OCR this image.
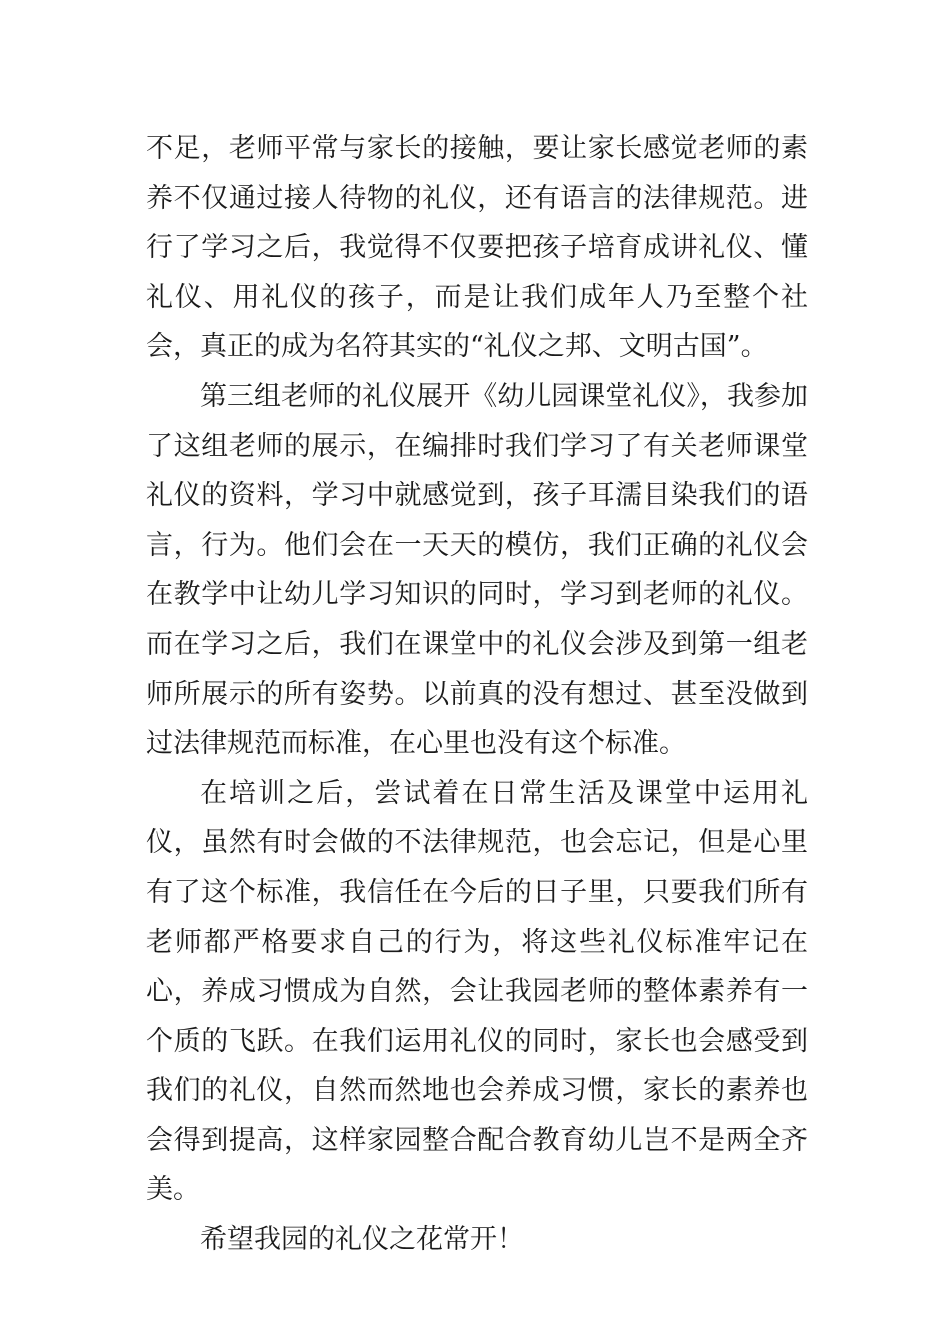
不足，老师平常与家长的接触，要让家长感觉老师的素养不仅通过接人待物的礼仪，还有语言的法律规范。进行了学习之后，我觉得不仅要把孩子培育成讲礼仪、懂礼仪、用礼仪的孩子，而是让我们成年人乃至整个社会，真正的成为名符其实的“礼仪之邦、文明古国”。

第三组老师的礼仪展开《幼儿园课堂礼仪》，我参加了这组老师的展示，在编排时我们学习了有关老师课堂礼仪的资料，学习中就感觉到，孩子耳濡目染我们的语言，行为。他们会在一天天的模仿，我们正确的礼仪会在教学中让幼儿学习知识的同时，学习到老师的礼仪。而在学习之后，我们在课堂中的礼仪会涉及到第一组老师所展示的所有姿势。以前真的没有想过、甚至没做到过法律规范而标准，在心里也没有这个标准。

在培训之后，尝试着在日常生活及课堂中运用礼仪，虽然有时会做的不法律规范，也会忘记，但是心里有了这个标准，我信任在今后的日子里，只要我们所有老师都严格要求自己的行为，将这些礼仪标准牢记在心，养成习惯成为自然，会让我园老师的整体素养有一个质的飞跃。在我们运用礼仪的同时，家长也会感受到我们的礼仪，自然而然地也会养成习惯，家长的素养也会得到提高，这样家园整合配合教育幼儿岂不是两全齐美。

希望我园的礼仪之花常开！
